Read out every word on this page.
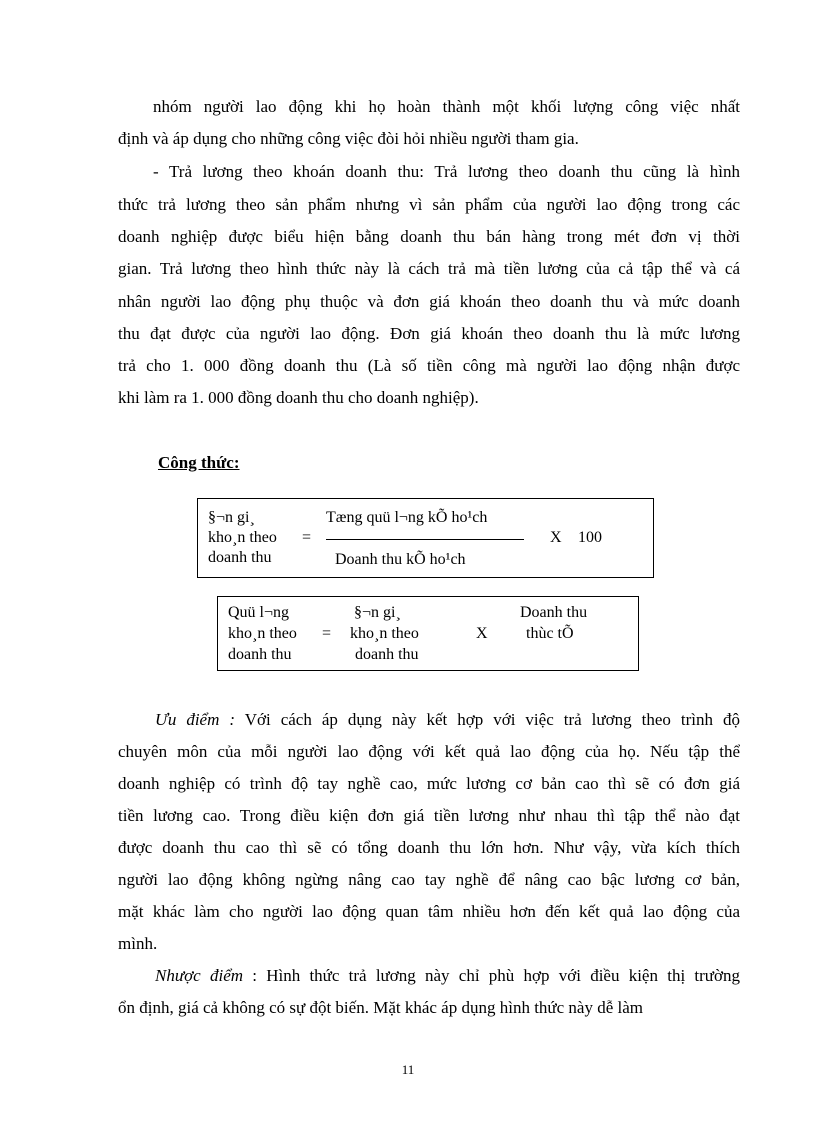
nhóm người lao động khi họ hoàn thành một khối lượng công việc nhất
định và áp dụng cho những công việc đòi hỏi nhiều người tham gia.
- Trả lương theo khoán doanh thu: Trả lương theo doanh thu cũng là hình
thức trả lương theo sản phẩm nhưng vì sản phẩm của người lao động trong các
doanh nghiệp được biểu hiện bằng doanh thu bán hàng trong mét đơn vị thời
gian. Trả lương theo hình thức này là cách trả mà tiền lương của cả tập thể và cá
nhân người lao động phụ thuộc và đơn giá khoán theo doanh thu và mức doanh
thu đạt được của người lao động. Đơn giá khoán theo doanh thu là mức lương
trả cho 1. 000 đồng doanh thu (Là số tiền công mà người lao động nhận được
khi làm ra 1. 000 đồng doanh thu cho doanh nghiệp).
Công thức:
§¬n gi¸
kho¸n theo
doanh thu
=
Tæng quü l¬ng kÕ ho¹ch
Doanh thu kÕ ho¹ch
X 100
Quü l¬ng
kho¸n theo
doanh thu
=
§¬n gi¸
kho¸n theo
doanh thu
X
Doanh thu
thùc tÕ
Ưu điểm : Với cách áp dụng này kết hợp với việc trả lương theo trình độ
chuyên môn của mỗi người lao động với kết quả lao động của họ. Nếu tập thể
doanh nghiệp có trình độ tay nghề cao, mức lương cơ bản cao thì sẽ có đơn giá
tiền lương cao. Trong điều kiện đơn giá tiền lương như nhau thì tập thể nào đạt
được doanh thu cao thì sẽ có tổng doanh thu lớn hơn. Như vậy, vừa kích thích
người lao động không ngừng nâng cao tay nghề để nâng cao bậc lương cơ bản,
mặt khác làm cho người lao động quan tâm nhiều hơn đến kết quả lao động của
mình.
Nhược điểm : Hình thức trả lương này chỉ phù hợp với điều kiện thị trường
ổn định, giá cả không có sự đột biến. Mặt khác áp dụng hình thức này dễ làm
11
